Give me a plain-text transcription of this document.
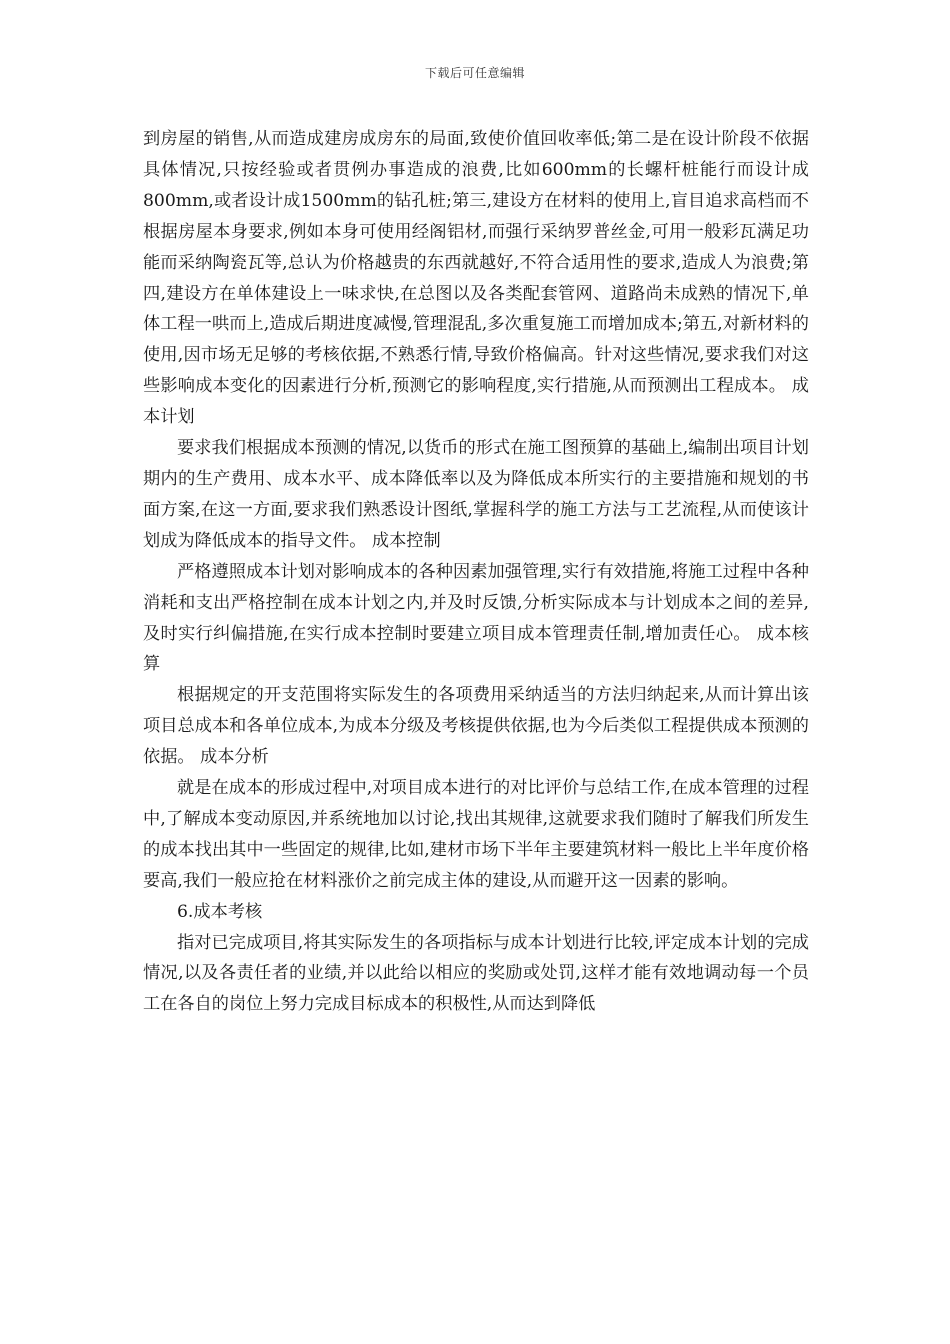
下载后可任意编辑

到房屋的销售,从而造成建房成房东的局面,致使价值回收率低;第二是在设计阶段不依据具体情况,只按经验或者贯例办事造成的浪费,比如600mm的长螺杆桩能行而设计成800mm,或者设计成1500mm的钻孔桩;第三,建设方在材料的使用上,盲目追求高档而不根据房屋本身要求,例如本身可使用经阁铝材,而强行采纳罗普丝金,可用一般彩瓦满足功能而采纳陶瓷瓦等,总认为价格越贵的东西就越好,不符合适用性的要求,造成人为浪费;第四,建设方在单体建设上一味求快,在总图以及各类配套管网、道路尚未成熟的情况下,单体工程一哄而上,造成后期进度减慢,管理混乱,多次重复施工而增加成本;第五,对新材料的使用,因市场无足够的考核依据,不熟悉行情,导致价格偏高。针对这些情况,要求我们对这些影响成本变化的因素进行分析,预测它的影响程度,实行措施,从而预测出工程成本。 成本计划

要求我们根据成本预测的情况,以货币的形式在施工图预算的基础上,编制出项目计划期内的生产费用、成本水平、成本降低率以及为降低成本所实行的主要措施和规划的书面方案,在这一方面,要求我们熟悉设计图纸,掌握科学的施工方法与工艺流程,从而使该计划成为降低成本的指导文件。 成本控制

严格遵照成本计划对影响成本的各种因素加强管理,实行有效措施,将施工过程中各种消耗和支出严格控制在成本计划之内,并及时反馈,分析实际成本与计划成本之间的差异,及时实行纠偏措施,在实行成本控制时要建立项目成本管理责任制,增加责任心。 成本核算

根据规定的开支范围将实际发生的各项费用采纳适当的方法归纳起来,从而计算出该项目总成本和各单位成本,为成本分级及考核提供依据,也为今后类似工程提供成本预测的依据。 成本分析

就是在成本的形成过程中,对项目成本进行的对比评价与总结工作,在成本管理的过程中,了解成本变动原因,并系统地加以讨论,找出其规律,这就要求我们随时了解我们所发生的成本找出其中一些固定的规律,比如,建材市场下半年主要建筑材料一般比上半年度价格要高,我们一般应抢在材料涨价之前完成主体的建设,从而避开这一因素的影响。

6.成本考核

指对已完成项目,将其实际发生的各项指标与成本计划进行比较,评定成本计划的完成情况,以及各责任者的业绩,并以此给以相应的奖励或处罚,这样才能有效地调动每一个员工在各自的岗位上努力完成目标成本的积极性,从而达到降低
